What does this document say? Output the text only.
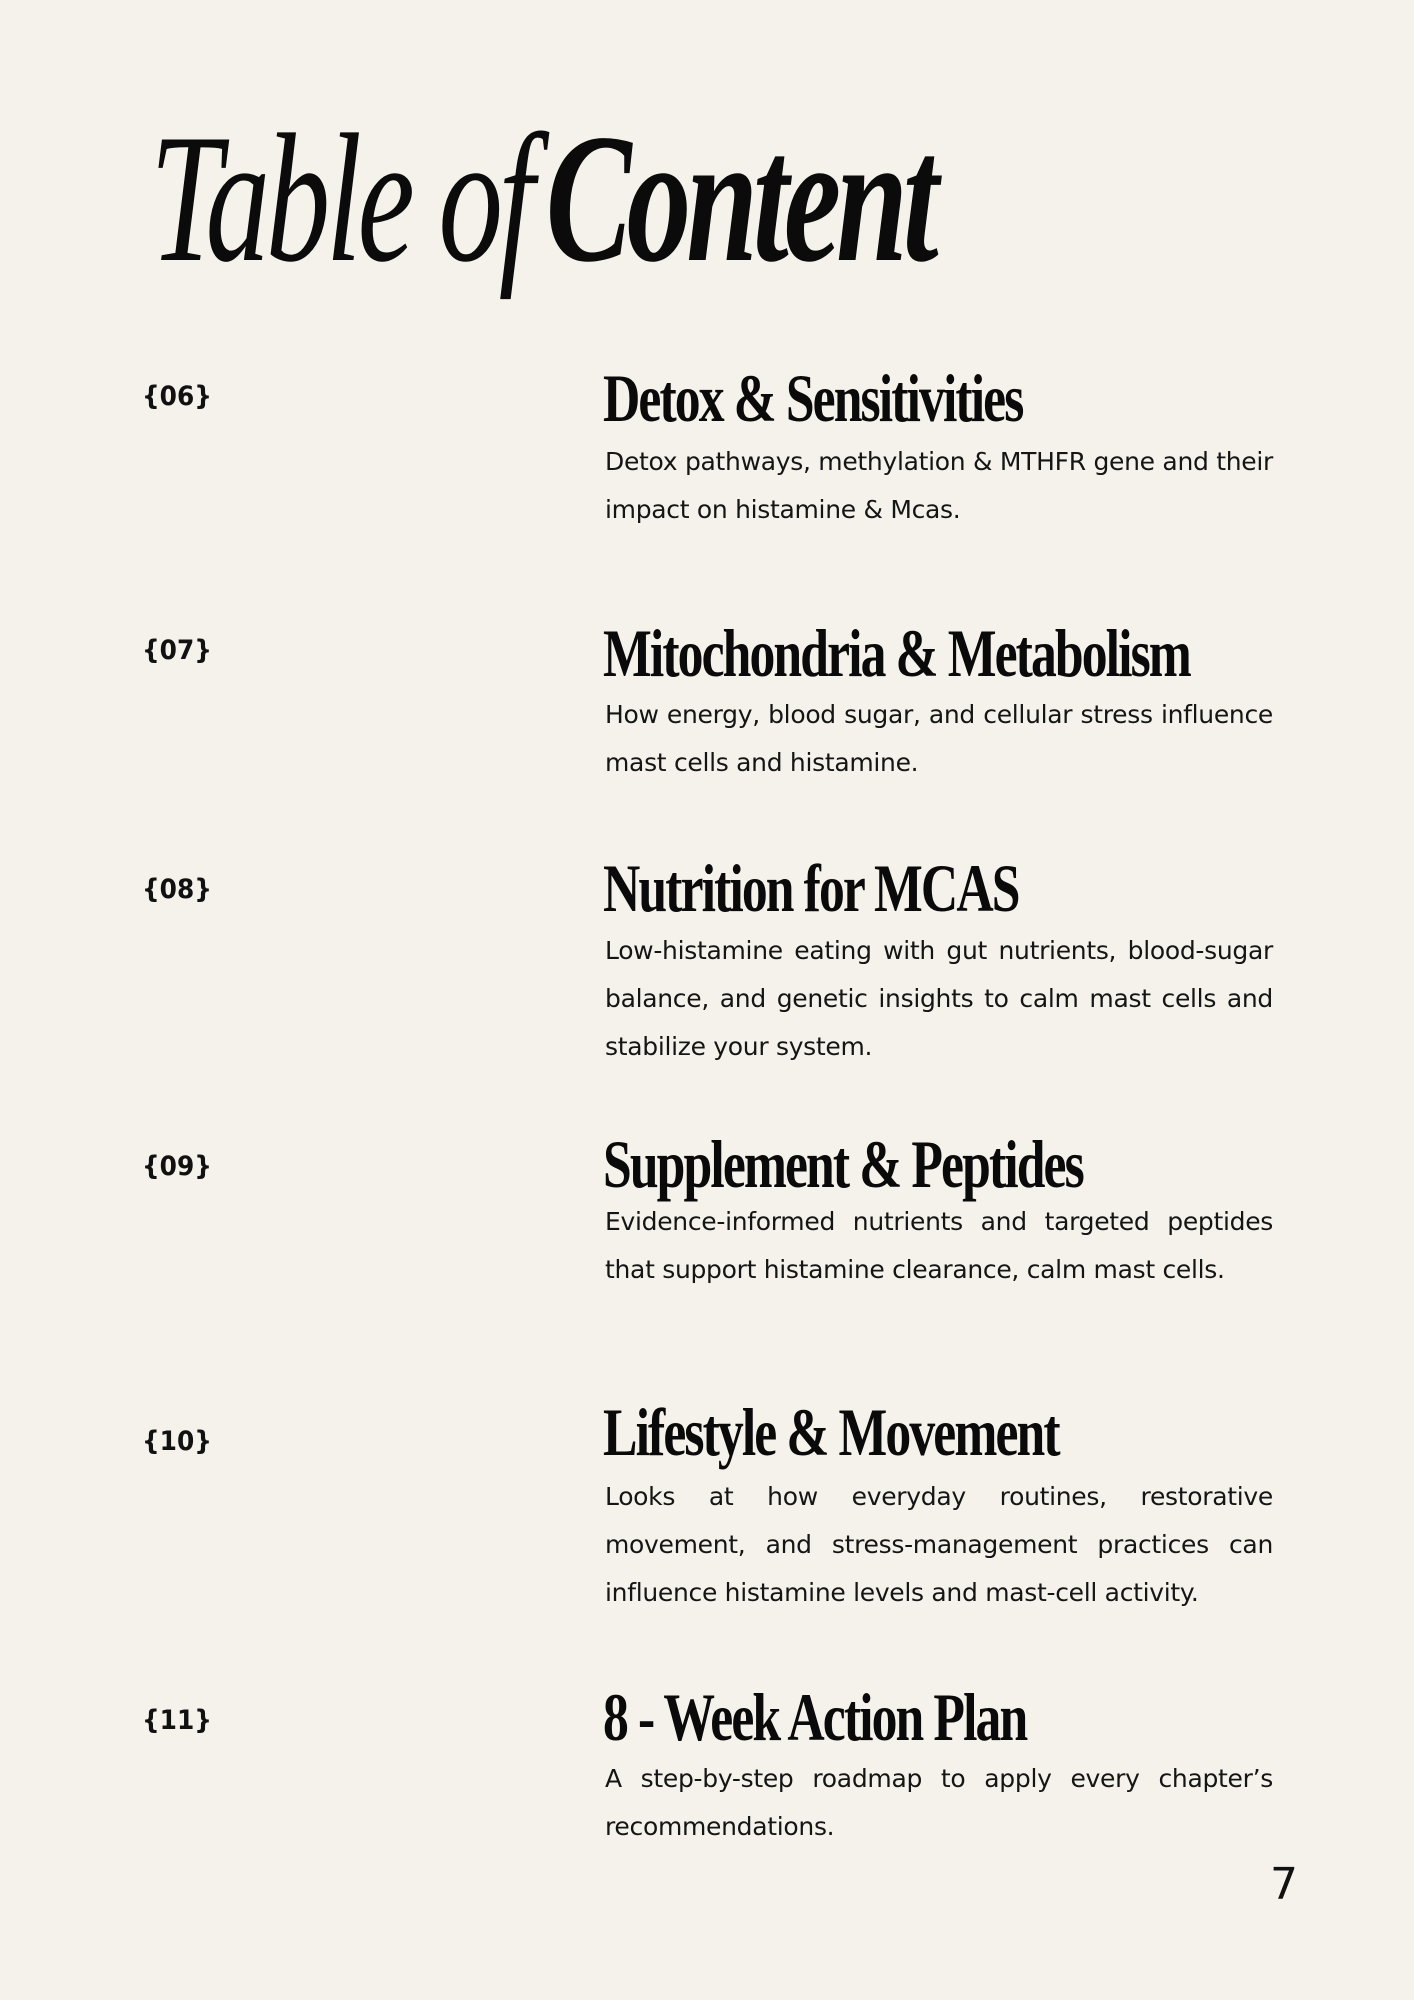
Table ofContent
{06}	Detox & Sensitivities

Detox pathways, methylation & MTHFR gene and their impact on histamine & Mcas.

{07}	Mitochondria & Metabolism

How energy, blood sugar, and cellular stress influence mast cells and histamine.

{08}	Nutrition for MCAS

Low-histamine eating with gut nutrients, blood-sugar balance, and genetic insights to calm mast cells and stabilize your system.

{09}	Supplement & Peptides

Evidence-informed nutrients and targeted peptides that support histamine clearance, calm mast cells.

{10}	Lifestyle & Movement

Looks at how everyday routines, restorative movement, and stress-management practices can influence histamine levels and mast-cell activity.

{11}	8 - Week Action Plan

A step-by-step roadmap to apply every chapter’s recommendations.

7
